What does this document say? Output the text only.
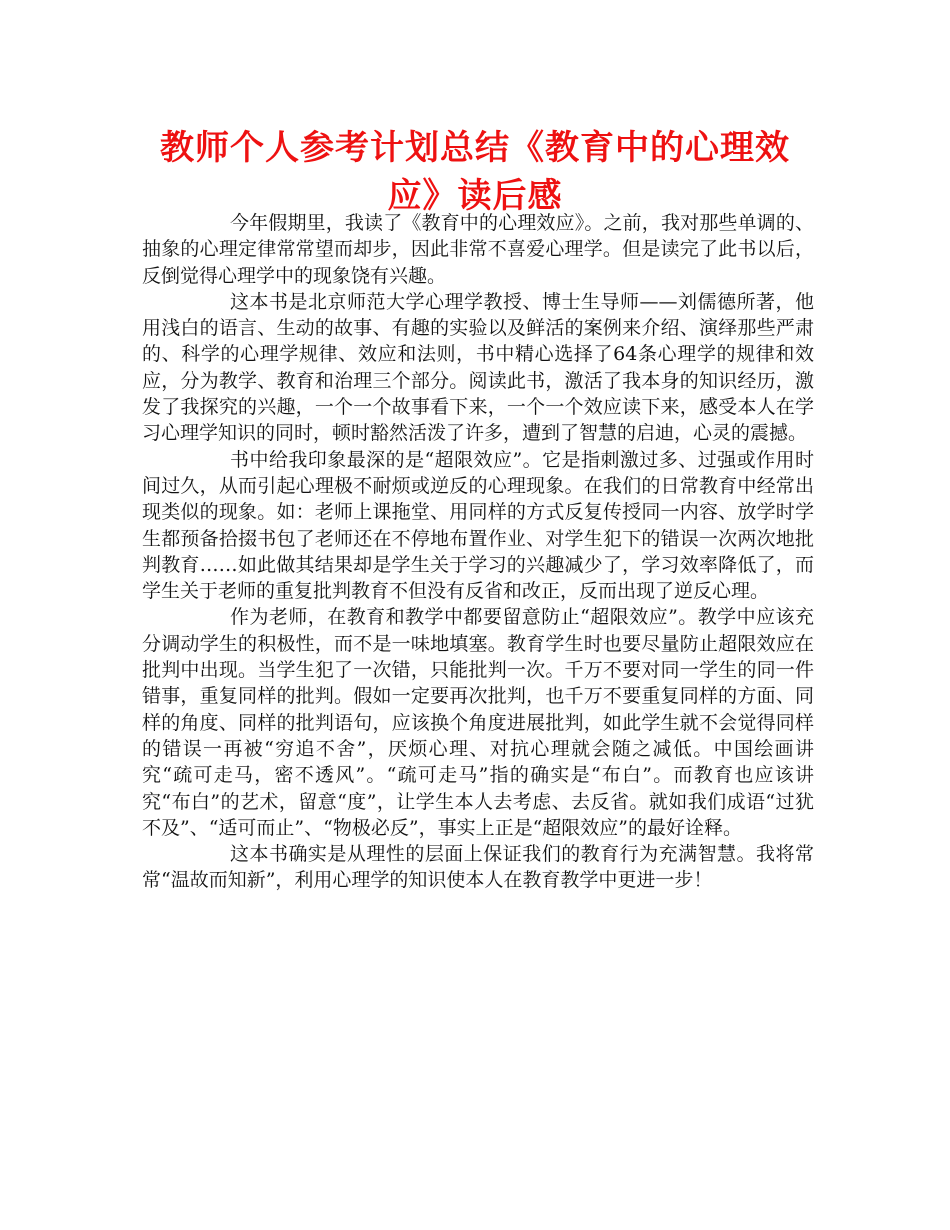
教师个人参考计划总结《教育中的心理效应》读后感

今年假期里，我读了《教育中的心理效应》。之前，我对那些单调的、抽象的心理定律常常望而却步，因此非常不喜爱心理学。但是读完了此书以后，反倒觉得心理学中的现象饶有兴趣。

这本书是北京师范大学心理学教授、博士生导师——刘儒德所著，他用浅白的语言、生动的故事、有趣的实验以及鲜活的案例来介绍、演绎那些严肃的、科学的心理学规律、效应和法则，书中精心选择了64条心理学的规律和效应，分为教学、教育和治理三个部分。阅读此书，激活了我本身的知识经历，激发了我探究的兴趣，一个一个故事看下来，一个一个效应读下来，感受本人在学习心理学知识的同时，顿时豁然活泼了许多，遭到了智慧的启迪，心灵的震撼。

书中给我印象最深的是“超限效应”。它是指刺激过多、过强或作用时间过久，从而引起心理极不耐烦或逆反的心理现象。在我们的日常教育中经常出现类似的现象。如：老师上课拖堂、用同样的方式反复传授同一内容、放学时学生都预备拾掇书包了老师还在不停地布置作业、对学生犯下的错误一次两次地批判教育……如此做其结果却是学生关于学习的兴趣减少了，学习效率降低了，而学生关于老师的重复批判教育不但没有反省和改正，反而出现了逆反心理。

作为老师，在教育和教学中都要留意防止“超限效应”。教学中应该充分调动学生的积极性，而不是一味地填塞。教育学生时也要尽量防止超限效应在批判中出现。当学生犯了一次错，只能批判一次。千万不要对同一学生的同一件错事，重复同样的批判。假如一定要再次批判，也千万不要重复同样的方面、同样的角度、同样的批判语句，应该换个角度进展批判，如此学生就不会觉得同样的错误一再被“穷追不舍”，厌烦心理、对抗心理就会随之减低。中国绘画讲究“疏可走马，密不透风”。“疏可走马”指的确实是“布白”。而教育也应该讲究“布白”的艺术，留意“度”，让学生本人去考虑、去反省。就如我们成语“过犹不及”、“适可而止”、“物极必反”，事实上正是“超限效应”的最好诠释。

这本书确实是从理性的层面上保证我们的教育行为充满智慧。我将常常“温故而知新”，利用心理学的知识使本人在教育教学中更进一步！
